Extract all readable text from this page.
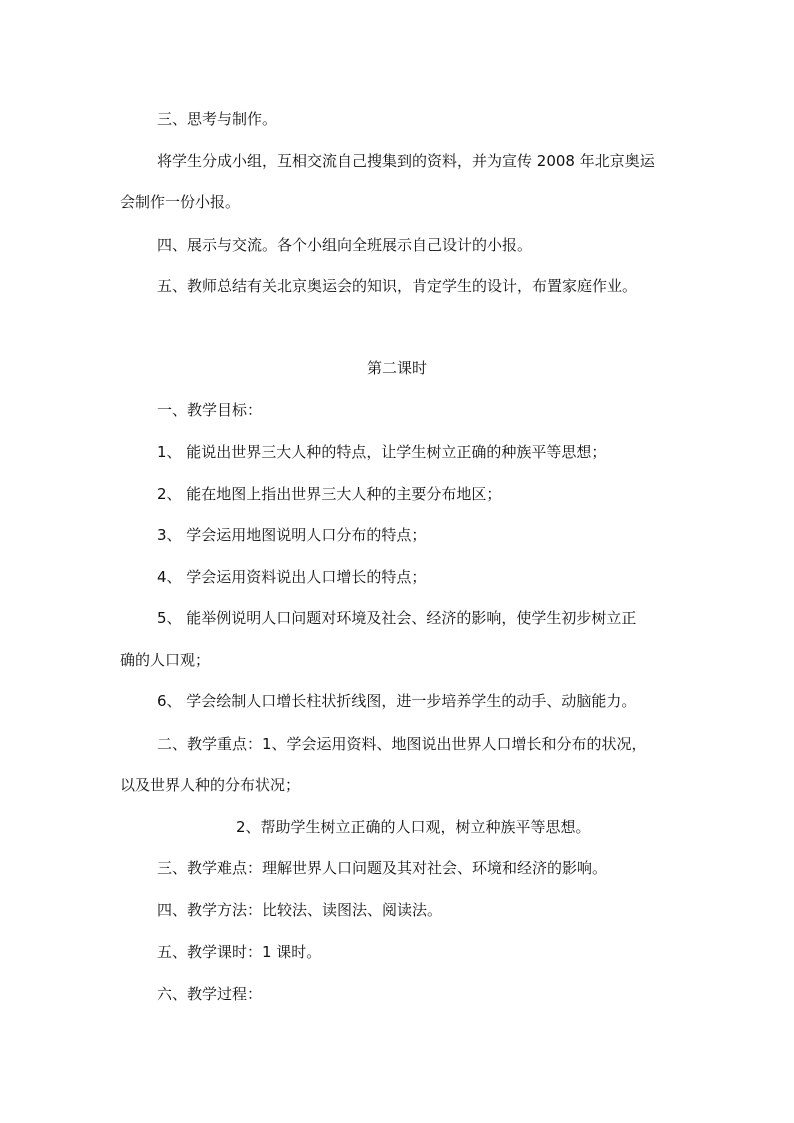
三、思考与制作。
将学生分成小组，互相交流自己搜集到的资料，并为宣传 2008 年北京奥运
会制作一份小报。
四、展示与交流。各个小组向全班展示自己设计的小报。
五、教师总结有关北京奥运会的知识，肯定学生的设计，布置家庭作业。
第二课时
一、教学目标：
1、 能说出世界三大人种的特点，让学生树立正确的种族平等思想；
2、 能在地图上指出世界三大人种的主要分布地区；
3、 学会运用地图说明人口分布的特点；
4、 学会运用资料说出人口增长的特点；
5、 能举例说明人口问题对环境及社会、经济的影响，使学生初步树立正
确的人口观；
6、 学会绘制人口增长柱状折线图，进一步培养学生的动手、动脑能力。
二、教学重点：1、学会运用资料、地图说出世界人口增长和分布的状况，
以及世界人种的分布状况；
2、帮助学生树立正确的人口观，树立种族平等思想。
三、教学难点：理解世界人口问题及其对社会、环境和经济的影响。
四、教学方法：比较法、读图法、阅读法。
五、教学课时：1 课时。
六、教学过程：
